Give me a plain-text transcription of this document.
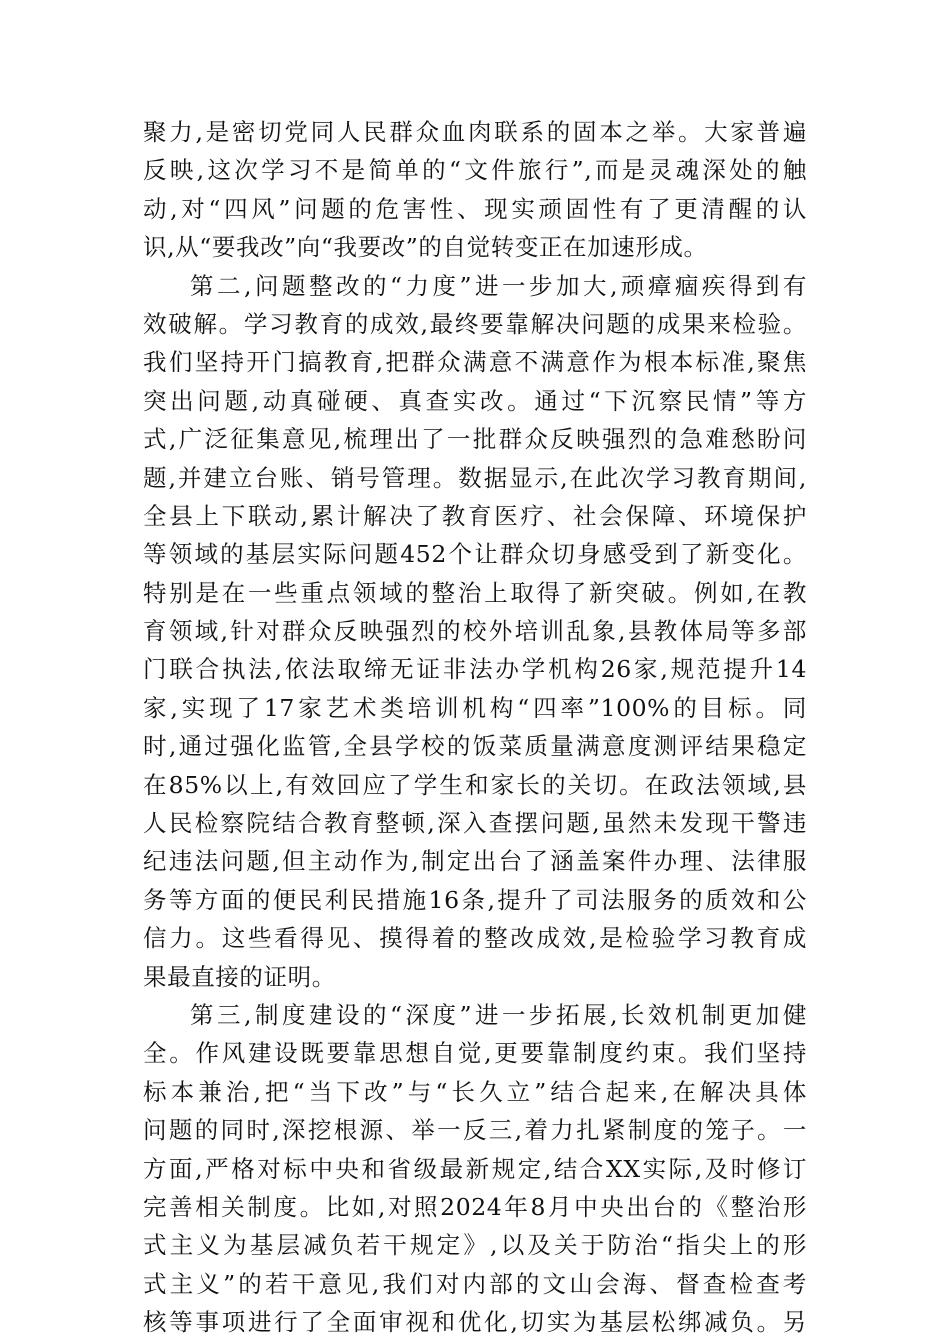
聚力,是密切党同人民群众血肉联系的固本之举。大家普遍
反映,这次学习不是简单的“文件旅行”,而是灵魂深处的触
动,对“四风”问题的危害性、现实顽固性有了更清醒的认
识,从“要我改”向“我要改”的自觉转变正在加速形成。
第二,问题整改的“力度”进一步加大,顽瘴痼疾得到有
效破解。学习教育的成效,最终要靠解决问题的成果来检验。
我们坚持开门搞教育,把群众满意不满意作为根本标准,聚焦
突出问题,动真碰硬、真查实改。通过“下沉察民情”等方
式,广泛征集意见,梳理出了一批群众反映强烈的急难愁盼问
题,并建立台账、销号管理。数据显示,在此次学习教育期间,
全县上下联动,累计解决了教育医疗、社会保障、环境保护
等领域的基层实际问题452个让群众切身感受到了新变化。
特别是在一些重点领域的整治上取得了新突破。例如,在教
育领域,针对群众反映强烈的校外培训乱象,县教体局等多部
门联合执法,依法取缔无证非法办学机构26家,规范提升14
家,实现了17家艺术类培训机构“四率”100%的目标。同
时,通过强化监管,全县学校的饭菜质量满意度测评结果稳定
在85%以上,有效回应了学生和家长的关切。在政法领域,县
人民检察院结合教育整顿,深入查摆问题,虽然未发现干警违
纪违法问题,但主动作为,制定出台了涵盖案件办理、法律服
务等方面的便民利民措施16条,提升了司法服务的质效和公
信力。这些看得见、摸得着的整改成效,是检验学习教育成
果最直接的证明。
第三,制度建设的“深度”进一步拓展,长效机制更加健
全。作风建设既要靠思想自觉,更要靠制度约束。我们坚持
标本兼治,把“当下改”与“长久立”结合起来,在解决具体
问题的同时,深挖根源、举一反三,着力扎紧制度的笼子。一
方面,严格对标中央和省级最新规定,结合XX实际,及时修订
完善相关制度。比如,对照2024年8月中央出台的《整治形
式主义为基层减负若干规定》,以及关于防治“指尖上的形
式主义”的若干意见,我们对内部的文山会海、督查检查考
核等事项进行了全面审视和优化,切实为基层松绑减负。另
